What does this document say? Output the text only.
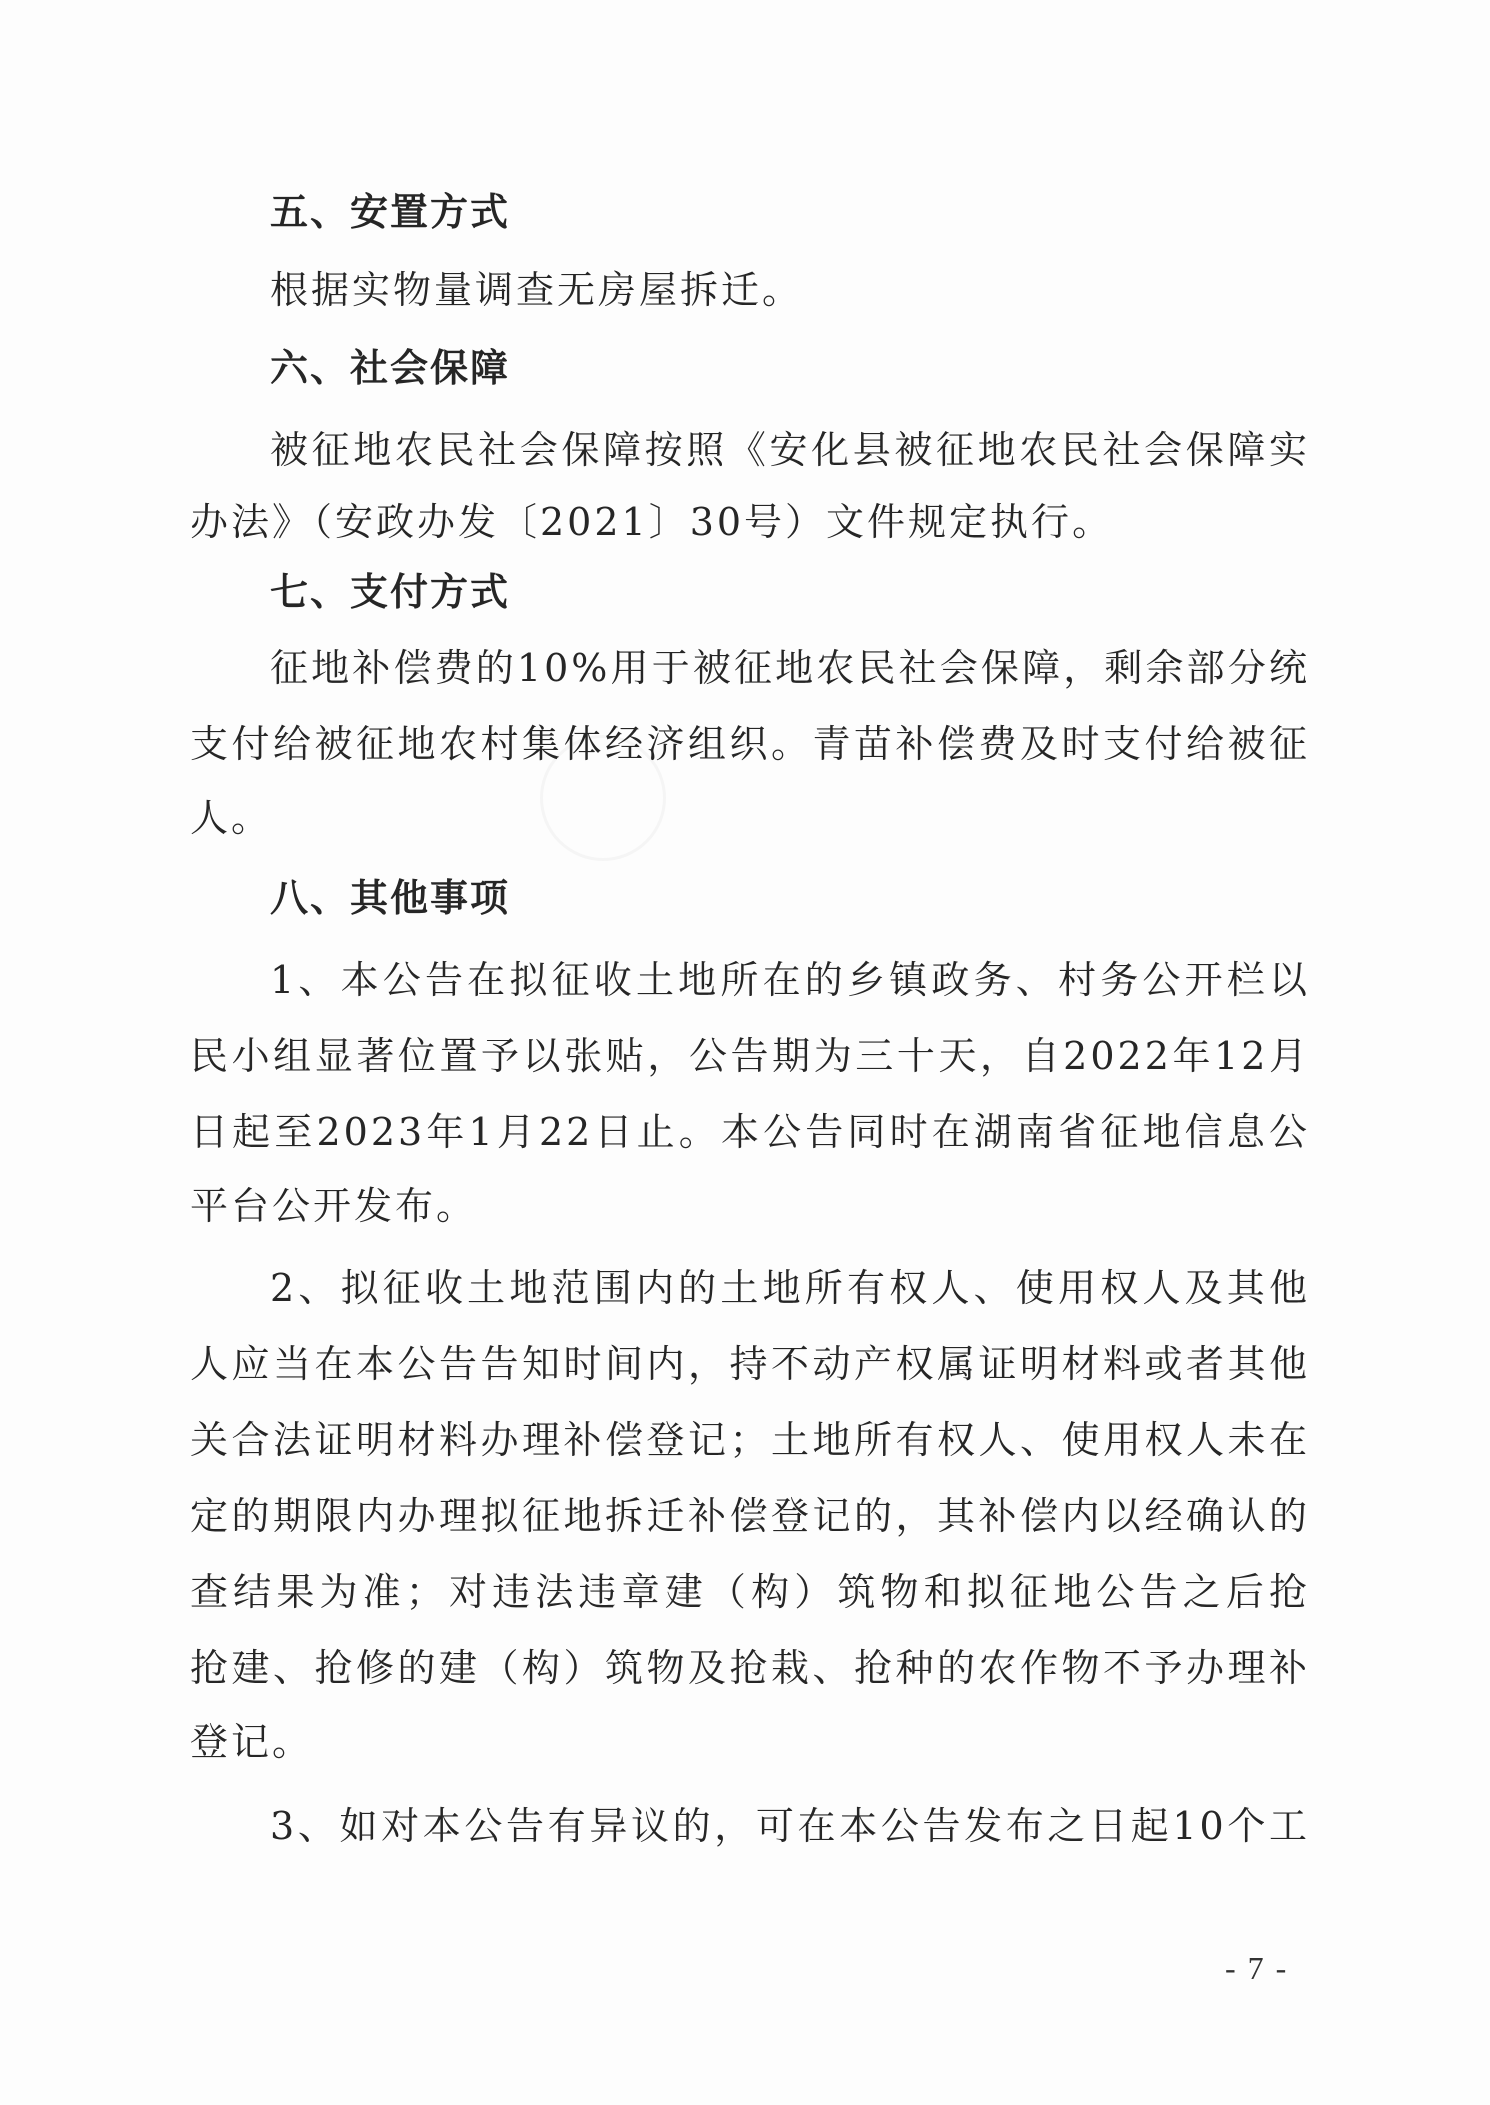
五、安置方式
根据实物量调查无房屋拆迁。
六、社会保障
被征地农民社会保障按照《安化县被征地农民社会保障实
办法》（安政办发〔2021〕30号）文件规定执行。
七、支付方式
征地补偿费的10%用于被征地农民社会保障，剩余部分统
支付给被征地农村集体经济组织。青苗补偿费及时支付给被征
人。
八、其他事项
1、本公告在拟征收土地所在的乡镇政务、村务公开栏以
民小组显著位置予以张贴，公告期为三十天，自2022年12月
日起至2023年1月22日止。本公告同时在湖南省征地信息公
平台公开发布。
2、拟征收土地范围内的土地所有权人、使用权人及其他
人应当在本公告告知时间内，持不动产权属证明材料或者其他
关合法证明材料办理补偿登记；土地所有权人、使用权人未在
定的期限内办理拟征地拆迁补偿登记的，其补偿内以经确认的
查结果为准；对违法违章建（构）筑物和拟征地公告之后抢
抢建、抢修的建（构）筑物及抢栽、抢种的农作物不予办理补
登记。
3、如对本公告有异议的，可在本公告发布之日起10个工
- 7 -
